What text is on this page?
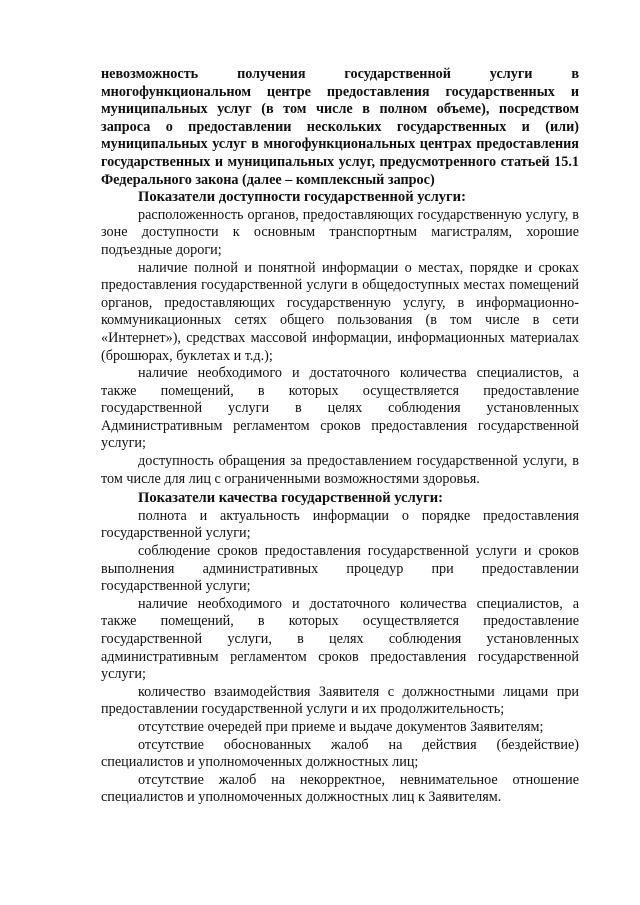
невозможность получения государственной услуги в многофункциональном центре предоставления государственных и муниципальных услуг (в том числе в полном объеме), посредством запроса о предоставлении нескольких государственных и (или) муниципальных услуг в многофункциональных центрах предоставления государственных и муниципальных услуг, предусмотренного статьей 15.1 Федерального закона (далее – комплексный запрос)

Показатели доступности государственной услуги:

расположенность органов, предоставляющих государственную услугу, в зоне доступности к основным транспортным магистралям, хорошие подъездные дороги;

наличие полной и понятной информации о местах, порядке и сроках предоставления государственной услуги в общедоступных местах помещений органов, предоставляющих государственную услугу, в информационно-коммуникационных сетях общего пользования (в том числе в сети «Интернет»), средствах массовой информации, информационных материалах (брошюрах, буклетах и т.д.);

наличие необходимого и достаточного количества специалистов, а также помещений, в которых осуществляется предоставление государственной услуги в целях соблюдения установленных Административным регламентом сроков предоставления государственной услуги;

доступность обращения за предоставлением государственной услуги, в том числе для лиц с ограниченными возможностями здоровья.

Показатели качества государственной услуги:

полнота и актуальность информации о порядке предоставления государственной услуги;

соблюдение сроков предоставления государственной услуги и сроков выполнения административных процедур при предоставлении государственной услуги;

наличие необходимого и достаточного количества специалистов, а также помещений, в которых осуществляется предоставление государственной услуги, в целях соблюдения установленных административным регламентом сроков предоставления государственной услуги;

количество взаимодействия Заявителя с должностными лицами при предоставлении государственной услуги и их продолжительность;

отсутствие очередей при приеме и выдаче документов Заявителям;

отсутствие обоснованных жалоб на действия (бездействие) специалистов и уполномоченных должностных лиц;

отсутствие жалоб на некорректное, невнимательное отношение специалистов и уполномоченных должностных лиц к Заявителям.
